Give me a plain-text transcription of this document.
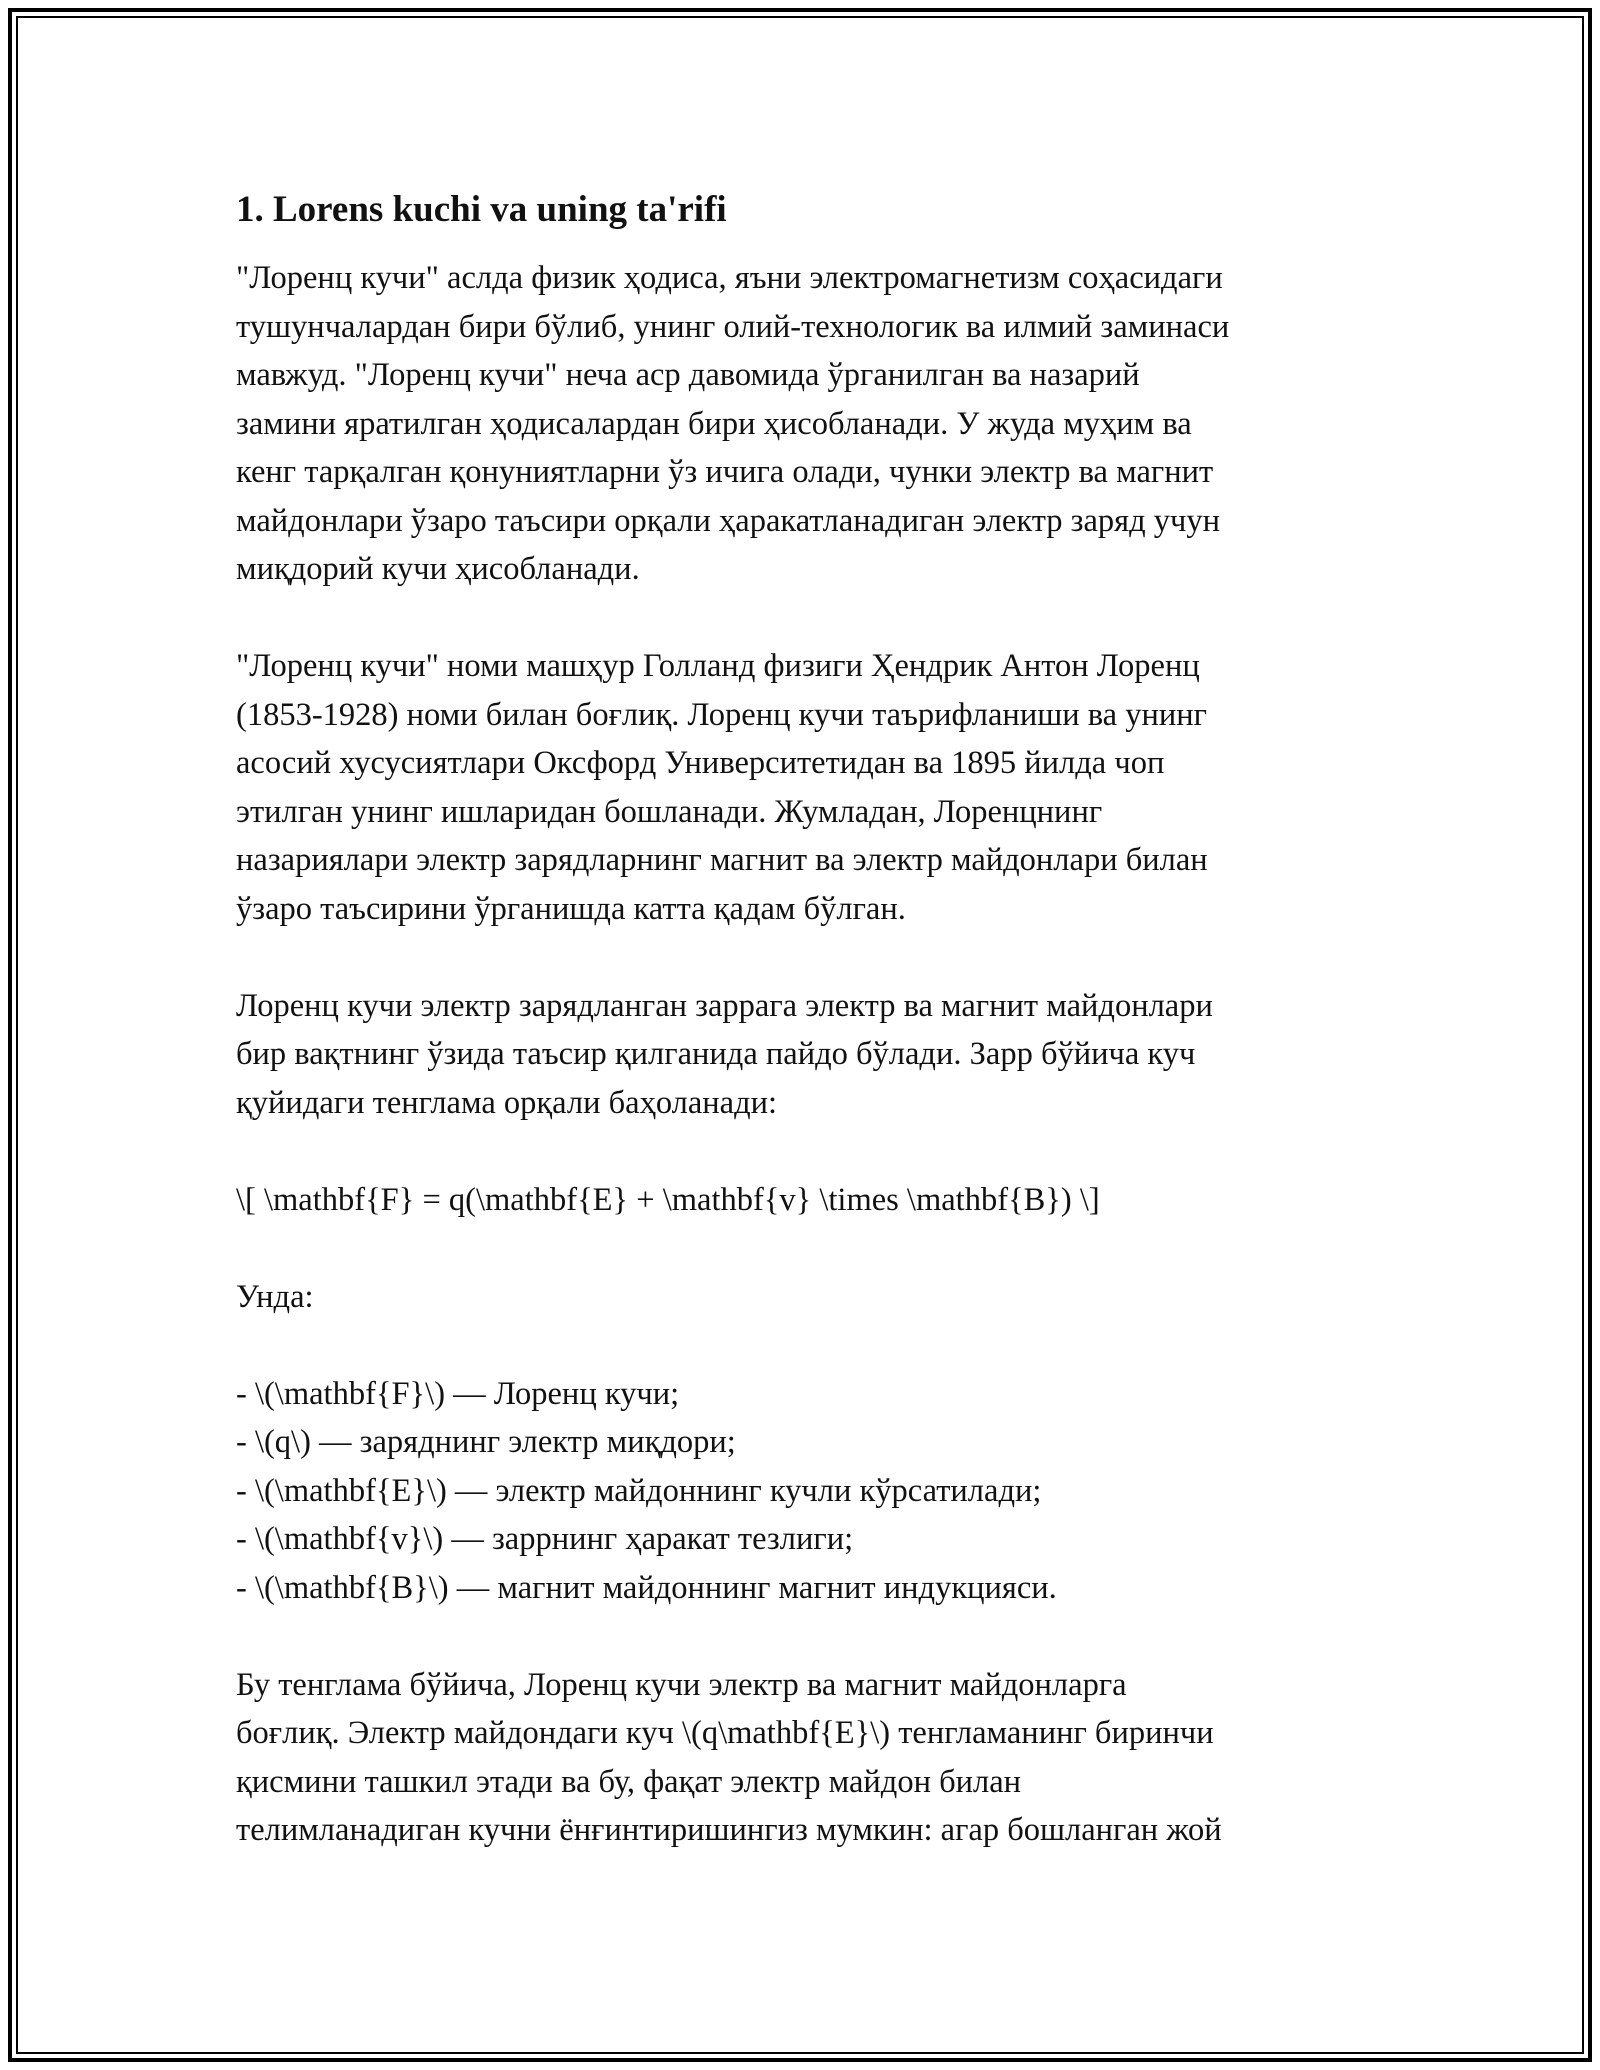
1. Lorens kuchi va uning ta'rifi

"Лоренц кучи" аслда физик ҳодиса, яъни электромагнетизм соҳасидаги
тушунчалардан бири бўлиб, унинг олий-технологик ва илмий заминаси
мавжуд. "Лоренц кучи" неча аср давомида ўрганилган ва назарий
замини яратилган ҳодисалардан бири ҳисобланади. У жуда муҳим ва
кенг тарқалган қонуниятларни ўз ичига олади, чунки электр ва магнит
майдонлари ўзаро таъсири орқали ҳаракатланадиган электр заряд учун
миқдорий кучи ҳисобланади.

"Лоренц кучи" номи машҳур Голланд физиги Ҳендрик Антон Лоренц
(1853-1928) номи билан боғлиқ. Лоренц кучи таърифланиши ва унинг
асосий хусусиятлари Оксфорд Университетидан ва 1895 йилда чоп
этилган унинг ишларидан бошланади. Жумладан, Лоренцнинг
назариялари электр зарядларнинг магнит ва электр майдонлари билан
ўзаро таъсирини ўрганишда катта қадам бўлган.

Лоренц кучи электр зарядланган заррага электр ва магнит майдонлари
бир вақтнинг ўзида таъсир қилганида пайдо бўлади. Зарр бўйича куч
қуйидаги тенглама орқали баҳоланади:

\[ \mathbf{F} = q(\mathbf{E} + \mathbf{v} \times \mathbf{B}) \]

Унда:

- \(\mathbf{F}\) — Лоренц кучи;
- \(q\) — заряднинг электр миқдори;
- \(\mathbf{E}\) — электр майдоннинг кучли кўрсатилади;
- \(\mathbf{v}\) — заррнинг ҳаракат тезлиги;
- \(\mathbf{B}\) — магнит майдоннинг магнит индукцияси.

Бу тенглама бўйича, Лоренц кучи электр ва магнит майдонларга
боғлиқ. Электр майдондаги куч \(q\mathbf{E}\) тенгламанинг биринчи
қисмини ташкил этади ва бу, фақат электр майдон билан
телимланадиган кучни ёнғинтиришингиз мумкин: агар бошланган жой
